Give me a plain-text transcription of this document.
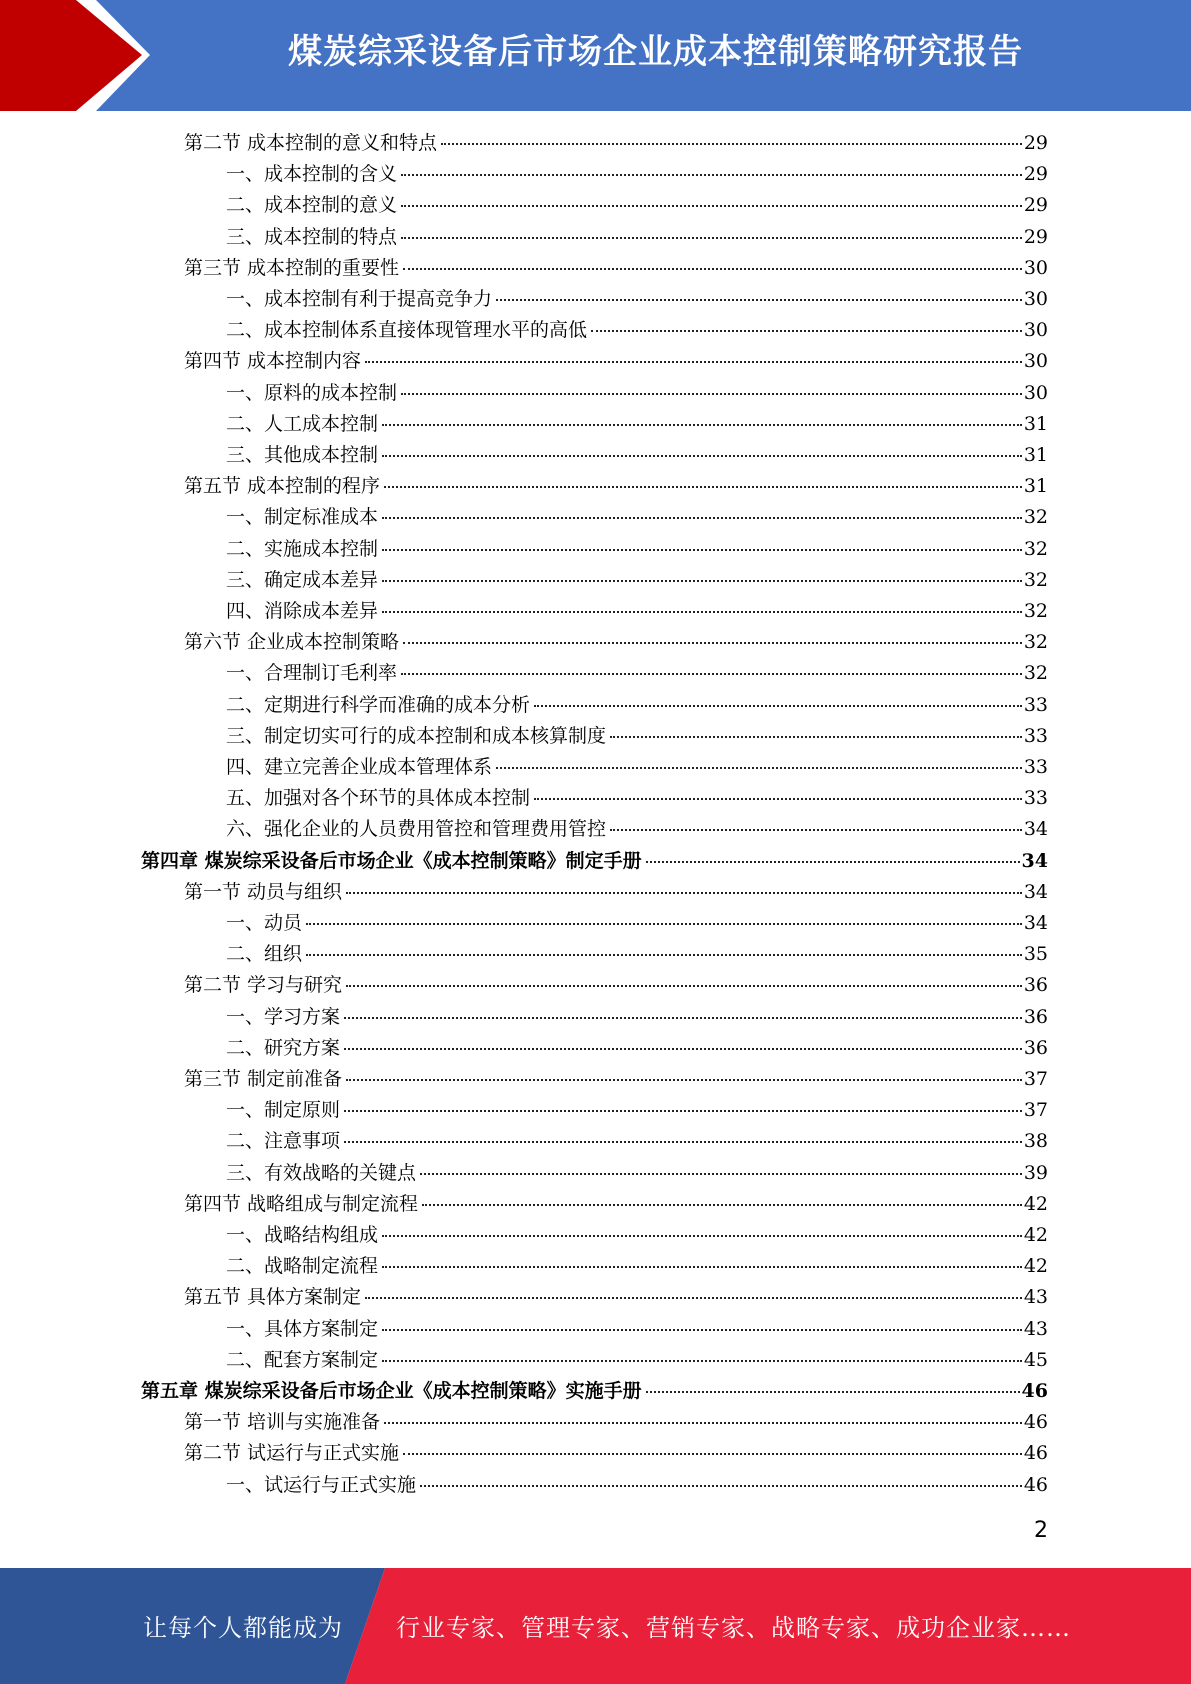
煤炭综采设备后市场企业成本控制策略研究报告
第二节 成本控制的意义和特点	29
一、成本控制的含义	29
二、成本控制的意义	29
三、成本控制的特点	29
第三节 成本控制的重要性	30
一、成本控制有利于提高竞争力	30
二、成本控制体系直接体现管理水平的高低	30
第四节 成本控制内容	30
一、原料的成本控制	30
二、人工成本控制	31
三、其他成本控制	31
第五节 成本控制的程序	31
一、制定标准成本	32
二、实施成本控制	32
三、确定成本差异	32
四、消除成本差异	32
第六节 企业成本控制策略	32
一、合理制订毛利率	32
二、定期进行科学而准确的成本分析	33
三、制定切实可行的成本控制和成本核算制度	33
四、建立完善企业成本管理体系	33
五、加强对各个环节的具体成本控制	33
六、强化企业的人员费用管控和管理费用管控	34
第四章 煤炭综采设备后市场企业《成本控制策略》制定手册	34
第一节 动员与组织	34
一、动员	34
二、组织	35
第二节 学习与研究	36
一、学习方案	36
二、研究方案	36
第三节 制定前准备	37
一、制定原则	37
二、注意事项	38
三、有效战略的关键点	39
第四节 战略组成与制定流程	42
一、战略结构组成	42
二、战略制定流程	42
第五节 具体方案制定	43
一、具体方案制定	43
二、配套方案制定	45
第五章 煤炭综采设备后市场企业《成本控制策略》实施手册	46
第一节 培训与实施准备	46
第二节 试运行与正式实施	46
一、试运行与正式实施	46
2
让每个人都能成为 行业专家、管理专家、营销专家、战略专家、成功企业家……
